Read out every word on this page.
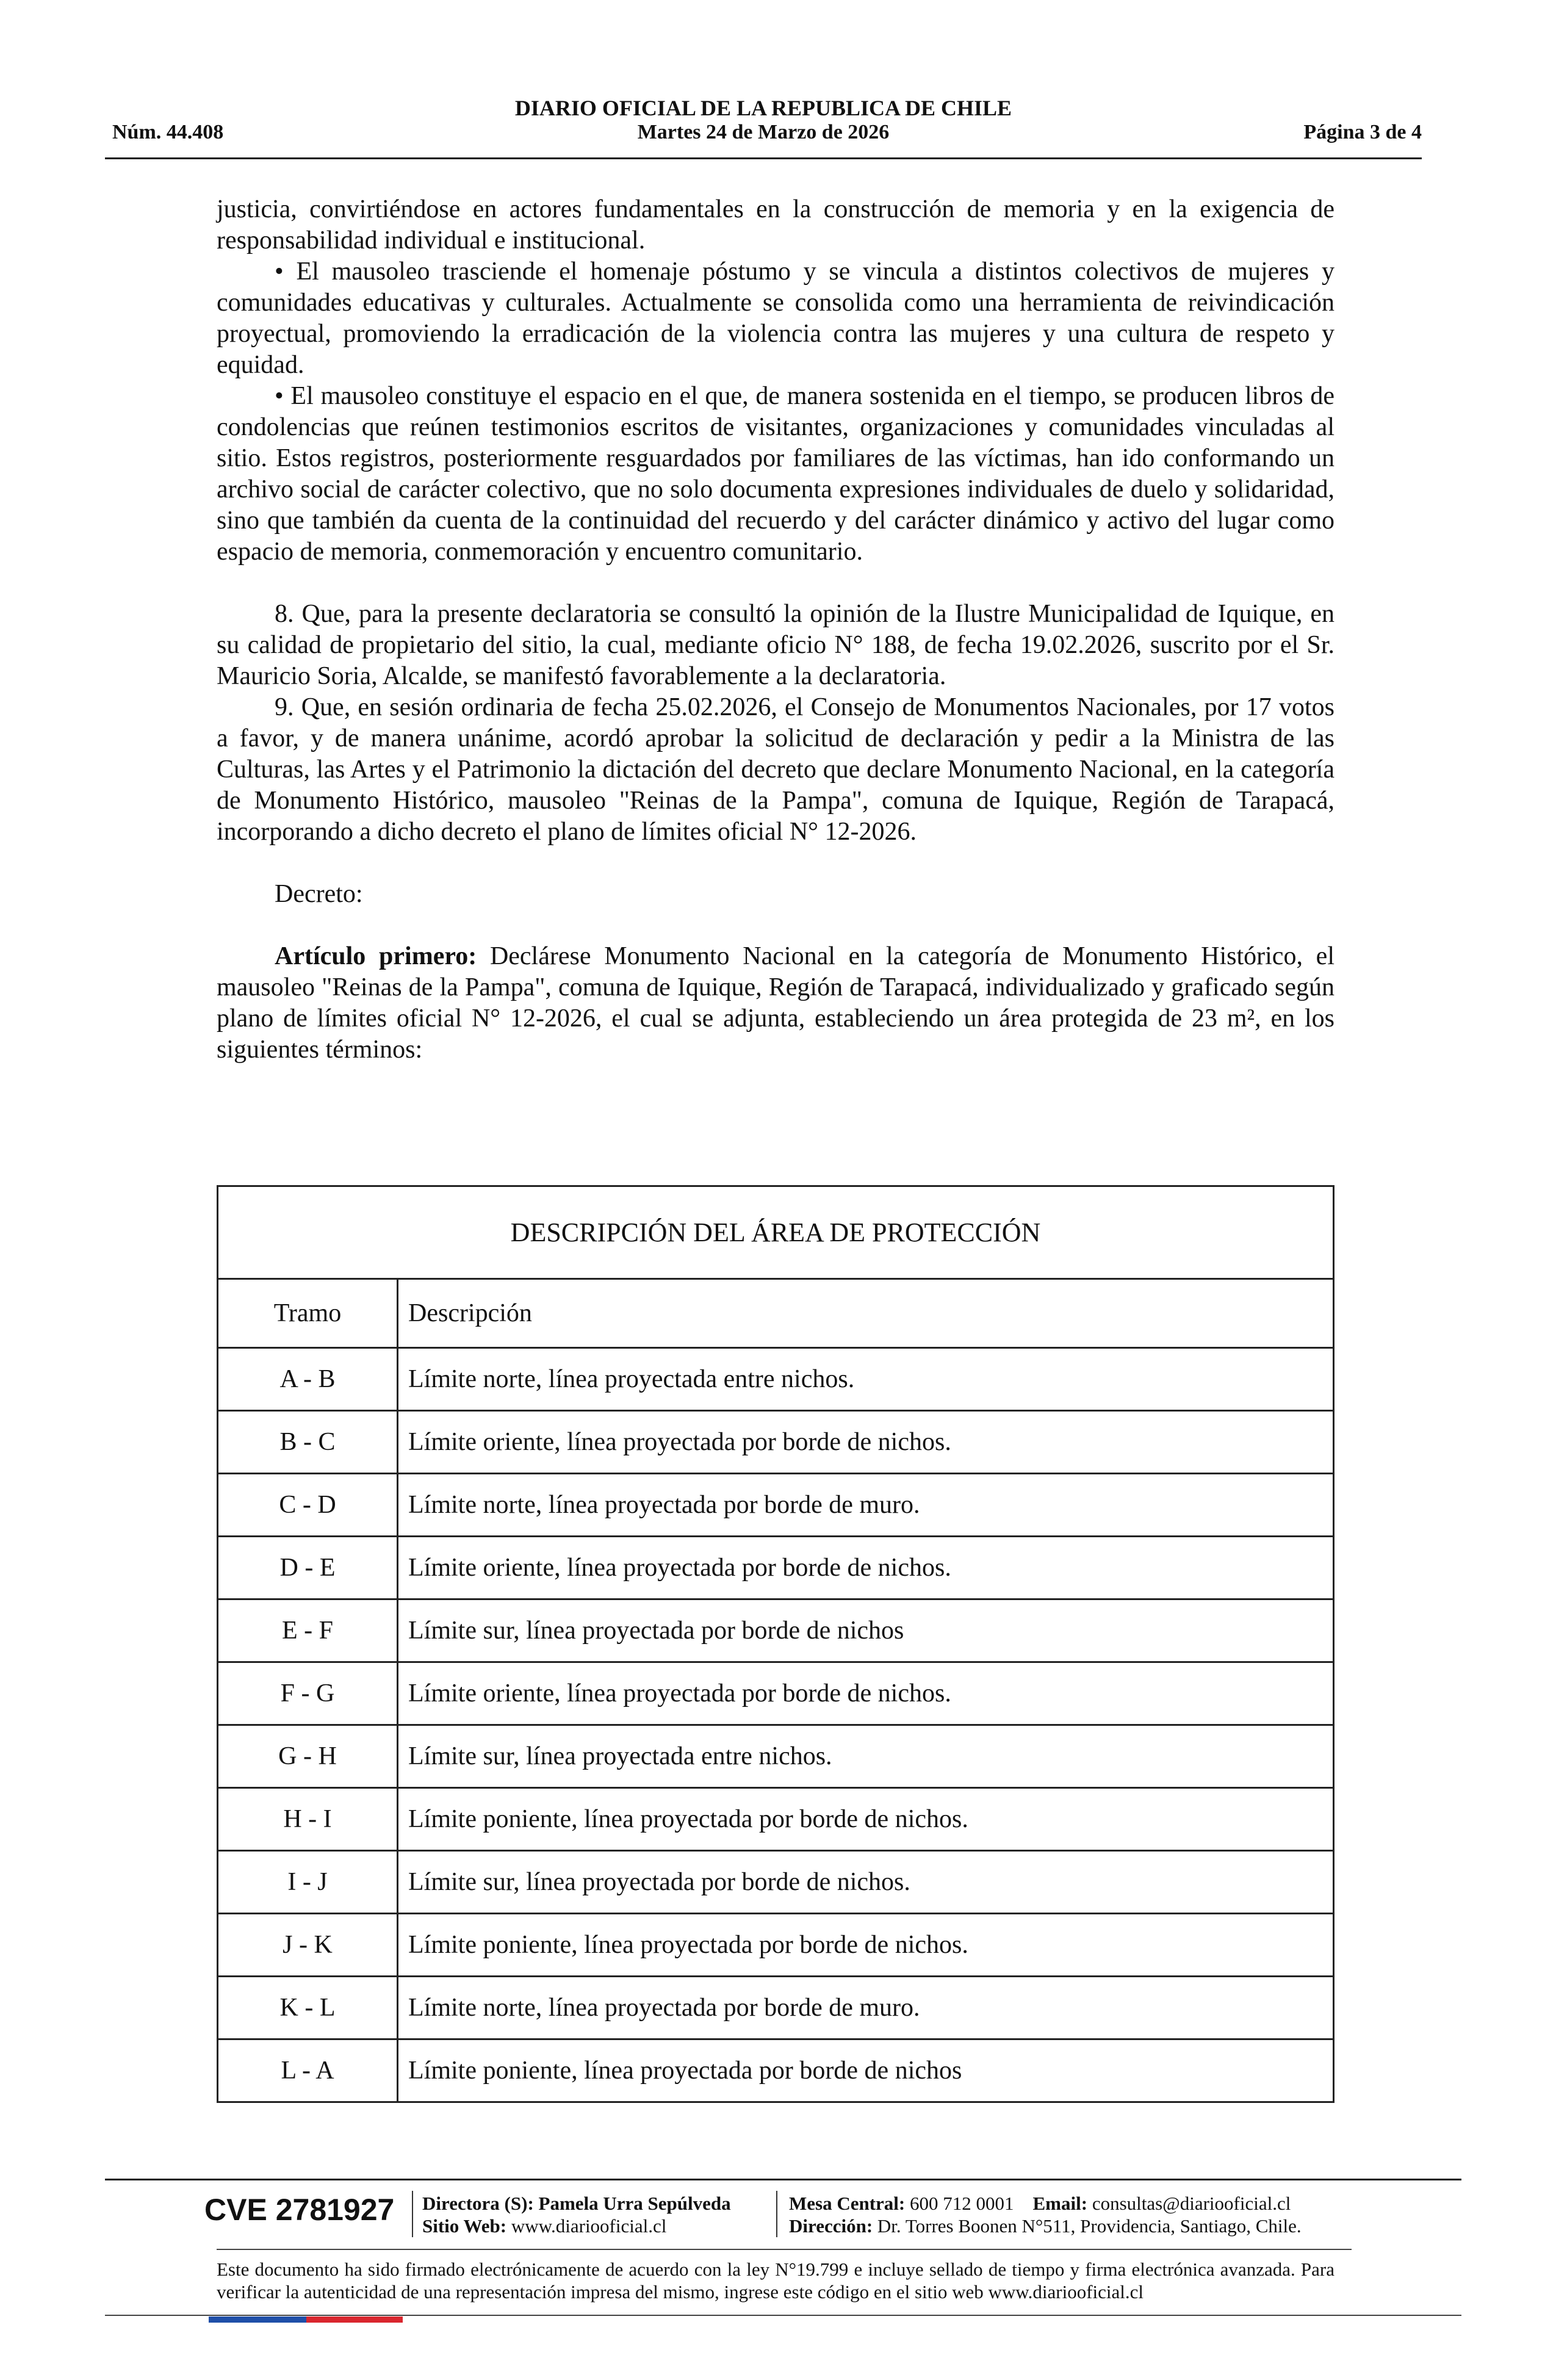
Núm. 44.408
DIARIO OFICIAL DE LA REPUBLICA DE CHILE
Martes 24 de Marzo de 2026	Página 3 de 4

justicia, convirtiéndose en actores fundamentales en la construcción de memoria y en la exigencia de responsabilidad individual e institucional.

• El mausoleo trasciende el homenaje póstumo y se vincula a distintos colectivos de mujeres y comunidades educativas y culturales. Actualmente se consolida como una herramienta de reivindicación proyectual, promoviendo la erradicación de la violencia contra las mujeres y una cultura de respeto y equidad.

• El mausoleo constituye el espacio en el que, de manera sostenida en el tiempo, se producen libros de condolencias que reúnen testimonios escritos de visitantes, organizaciones y comunidades vinculadas al sitio. Estos registros, posteriormente resguardados por familiares de las víctimas, han ido conformando un archivo social de carácter colectivo, que no solo documenta expresiones individuales de duelo y solidaridad, sino que también da cuenta de la continuidad del recuerdo y del carácter dinámico y activo del lugar como espacio de memoria, conmemoración y encuentro comunitario.

8. Que, para la presente declaratoria se consultó la opinión de la Ilustre Municipalidad de Iquique, en su calidad de propietario del sitio, la cual, mediante oficio N° 188, de fecha 19.02.2026, suscrito por el Sr. Mauricio Soria, Alcalde, se manifestó favorablemente a la declaratoria.

9. Que, en sesión ordinaria de fecha 25.02.2026, el Consejo de Monumentos Nacionales, por 17 votos a favor, y de manera unánime, acordó aprobar la solicitud de declaración y pedir a la Ministra de las Culturas, las Artes y el Patrimonio la dictación del decreto que declare Monumento Nacional, en la categoría de Monumento Histórico, mausoleo "Reinas de la Pampa", comuna de Iquique, Región de Tarapacá, incorporando a dicho decreto el plano de límites oficial N° 12-2026.

Decreto:

Artículo primero: Declárese Monumento Nacional en la categoría de Monumento Histórico, el mausoleo "Reinas de la Pampa", comuna de Iquique, Región de Tarapacá, individualizado y graficado según plano de límites oficial N° 12-2026, el cual se adjunta, estableciendo un área protegida de 23 m², en los siguientes términos:

DESCRIPCIÓN DEL ÁREA DE PROTECCIÓN	
Tramo	Descripción
A - B	Límite norte, línea proyectada entre nichos.
B - C	Límite oriente, línea proyectada por borde de nichos.
C - D	Límite norte, línea proyectada por borde de muro.
D - E	Límite oriente, línea proyectada por borde de nichos.
E - F	Límite sur, línea proyectada por borde de nichos
F - G	Límite oriente, línea proyectada por borde de nichos.
G - H	Límite sur, línea proyectada entre nichos.
H - I	Límite poniente, línea proyectada por borde de nichos.
I - J	Límite sur, línea proyectada por borde de nichos.
J - K	Límite poniente, línea proyectada por borde de nichos.
K - L	Límite norte, línea proyectada por borde de muro.
L - A	Límite poniente, línea proyectada por borde de nichos
CVE 2781927 Directora (S): Pamela Urra Sepúlveda
Sitio Web: www.diariooficial.cl
Mesa Central: 600 712 0001 Email: consultas@diariooficial.cl
Dirección: Dr. Torres Boonen N°511, Providencia, Santiago, Chile.
Este documento ha sido firmado electrónicamente de acuerdo con la ley N°19.799 e incluye sellado de tiempo y firma electrónica avanzada. Para verificar la autenticidad de una representación impresa del mismo, ingrese este código en el sitio web www.diariooficial.cl
